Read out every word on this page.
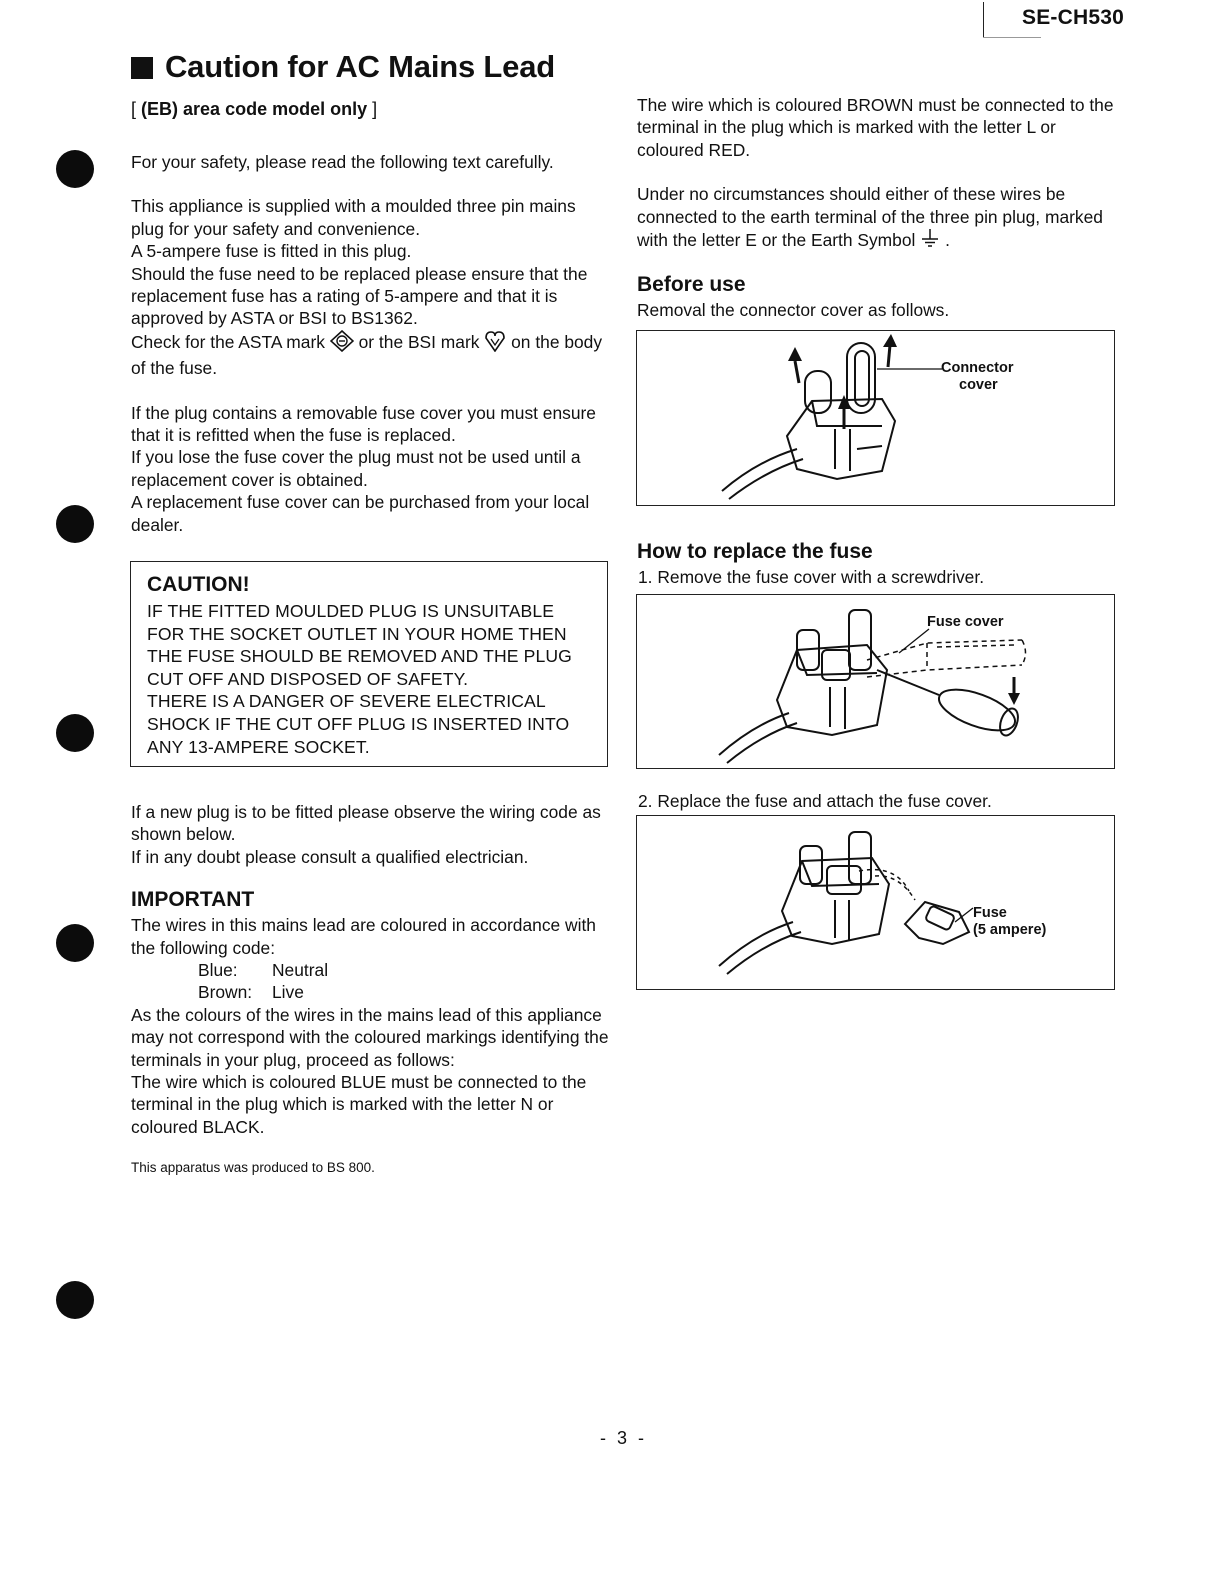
SE-CH530
Caution for AC Mains Lead
[ (EB) area code model only ]

For your safety, please read the following text carefully.

This appliance is supplied with a moulded three pin mains plug for your safety and convenience.

A 5-ampere fuse is fitted in this plug.

Should the fuse need to be replaced please ensure that the replacement fuse has a rating of 5-ampere and that it is approved by ASTA or BSI to BS1362.

Check for the ASTA mark or the BSI mark on the body of the fuse.

If the plug contains a removable fuse cover you must ensure that it is refitted when the fuse is replaced.

If you lose the fuse cover the plug must not be used until a replacement cover is obtained.

A replacement fuse cover can be purchased from your local dealer.

CAUTION!
IF THE FITTED MOULDED PLUG IS UNSUITABLE
FOR THE SOCKET OUTLET IN YOUR HOME THEN
THE FUSE SHOULD BE REMOVED AND THE PLUG
CUT OFF AND DISPOSED OF SAFETY.
THERE IS A DANGER OF SEVERE ELECTRICAL
SHOCK IF THE CUT OFF PLUG IS INSERTED INTO
ANY 13-AMPERE SOCKET.

If a new plug is to be fitted please observe the wiring code as shown below.

If in any doubt please consult a qualified electrician.

IMPORTANT

The wires in this mains lead are coloured in accordance with the following code:

Blue:	Neutral
Brown:	Live

As the colours of the wires in the mains lead of this appliance may not correspond with the coloured markings identifying the terminals in your plug, proceed as follows:

The wire which is coloured BLUE must be connected to the terminal in the plug which is marked with the letter N or coloured BLACK.

This apparatus was produced to BS 800.

The wire which is coloured BROWN must be connected to the terminal in the plug which is marked with the letter L or coloured RED.

Under no circumstances should either of these wires be connected to the earth terminal of the three pin plug, marked with the letter E or the Earth Symbol .

Before use

Removal the connector cover as follows.

Connector
cover
How to replace the fuse
1. Remove the fuse cover with a screwdriver.
Fuse cover
2. Replace the fuse and attach the fuse cover.
Fuse
(5 ampere)
- 3 -
